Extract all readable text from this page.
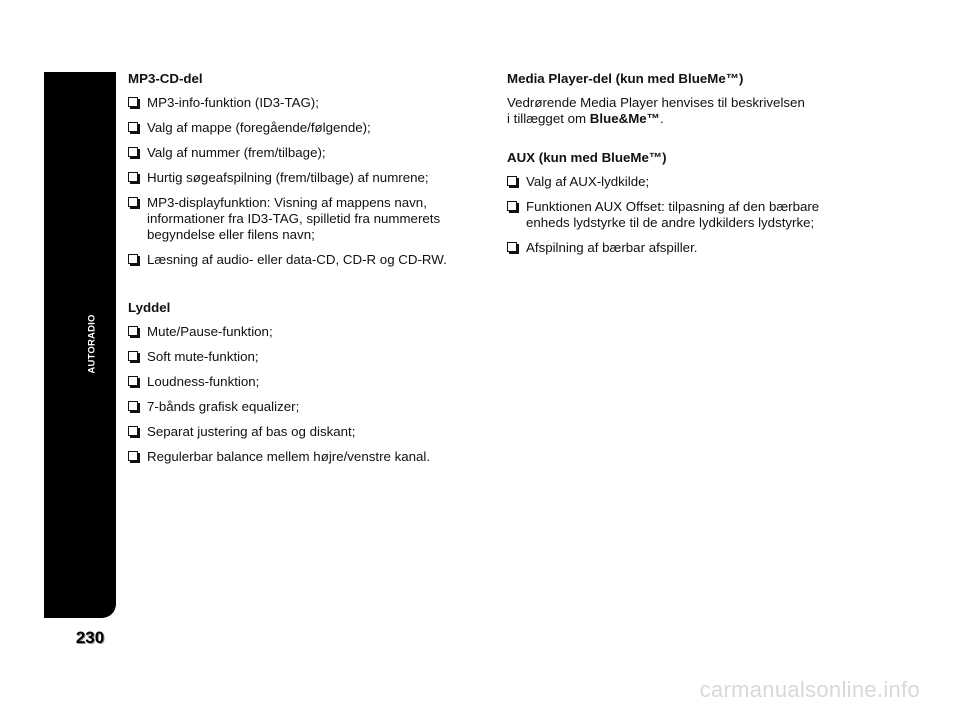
AUTORADIO
230
MP3-CD-del
MP3-info-funktion (ID3-TAG);
Valg af mappe (foregående/følgende);
Valg af nummer (frem/tilbage);
Hurtig søgeafspilning (frem/tilbage) af numrene;
MP3-displayfunktion: Visning af mappens navn,
informationer fra ID3-TAG, spilletid fra nummerets
begyndelse eller filens navn;
Læsning af audio- eller data-CD, CD-R og CD-RW.
Lyddel
Mute/Pause-funktion;
Soft mute-funktion;
Loudness-funktion;
7-bånds grafisk equalizer;
Separat justering af bas og diskant;
Regulerbar balance mellem højre/venstre kanal.
Media Player-del (kun med BlueMe™)
Vedrørende Media Player henvises til beskrivelsen
i tillægget om Blue&Me™.
AUX (kun med BlueMe™)
Valg af AUX-lydkilde;
Funktionen AUX Offset: tilpasning af den bærbare
enheds lydstyrke til de andre lydkilders lydstyrke;
Afspilning af bærbar afspiller.
carmanualsonline.info
